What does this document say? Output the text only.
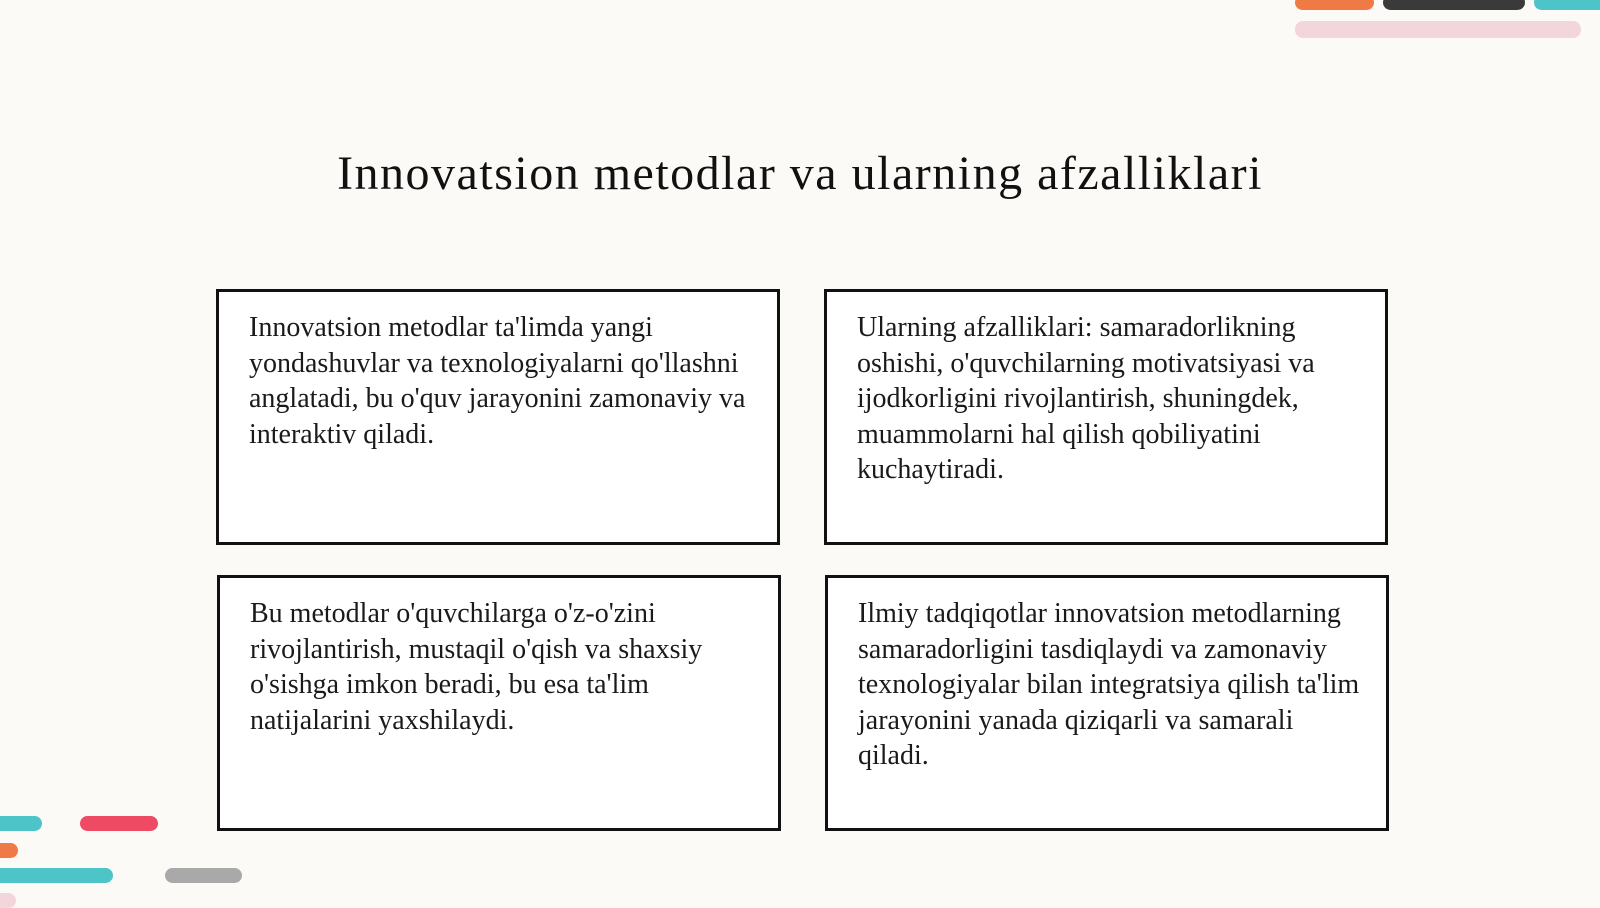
Innovatsion metodlar va ularning afzalliklari

Innovatsion metodlar ta'limda yangi yondashuvlar va texnologiyalarni qo'llashni anglatadi, bu o'quv jarayonini zamonaviy va interaktiv qiladi.

Ularning afzalliklari: samaradorlikning oshishi, o'quvchilarning motivatsiyasi va ijodkorligini rivojlantirish, shuningdek, muammolarni hal qilish qobiliyatini kuchaytiradi.

Bu metodlar o'quvchilarga o'z-o'zini rivojlantirish, mustaqil o'qish va shaxsiy o'sishga imkon beradi, bu esa ta'lim natijalarini yaxshilaydi.

Ilmiy tadqiqotlar innovatsion metodlarning samaradorligini tasdiqlaydi va zamonaviy texnologiyalar bilan integratsiya qilish ta'lim jarayonini yanada qiziqarli va samarali qiladi.
